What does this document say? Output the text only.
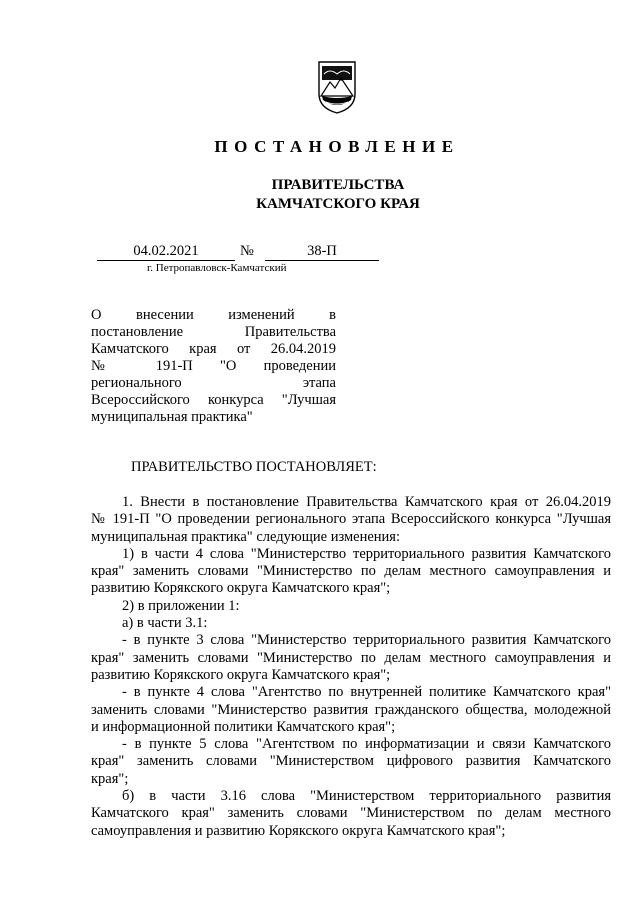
ПОСТАНОВЛЕНИЕ
ПРАВИТЕЛЬСТВА
КАМЧАТСКОГО КРАЯ
04.02.2021	№	38-П
г. Петропавловск-Камчатский
О внесении изменений в
постановление Правительства
Камчатского края от 26.04.2019
№ 191-П "О проведении
регионального этапа
Всероссийского конкурса "Лучшая
муниципальная практика"
ПРАВИТЕЛЬСТВО ПОСТАНОВЛЯЕТ:
1. Внести в постановление Правительства Камчатского края от 26.04.2019
№ 191-П "О проведении регионального этапа Всероссийского конкурса "Лучшая
муниципальная практика" следующие изменения:
1) в части 4 слова "Министерство территориального развития Камчатского
края" заменить словами "Министерство по делам местного самоуправления и
развитию Корякского округа Камчатского края";
2) в приложении 1:
а) в части 3.1:
- в пункте 3 слова "Министерство территориального развития Камчатского
края" заменить словами "Министерство по делам местного самоуправления и
развитию Корякского округа Камчатского края";
- в пункте 4 слова "Агентство по внутренней политике Камчатского края"
заменить словами "Министерство развития гражданского общества, молодежной
и информационной политики Камчатского края";
- в пункте 5 слова "Агентством по информатизации и связи Камчатского
края" заменить словами "Министерством цифрового развития Камчатского
края";
б) в части 3.16 слова "Министерством территориального развития
Камчатского края" заменить словами "Министерством по делам местного
самоуправления и развитию Корякского округа Камчатского края";
